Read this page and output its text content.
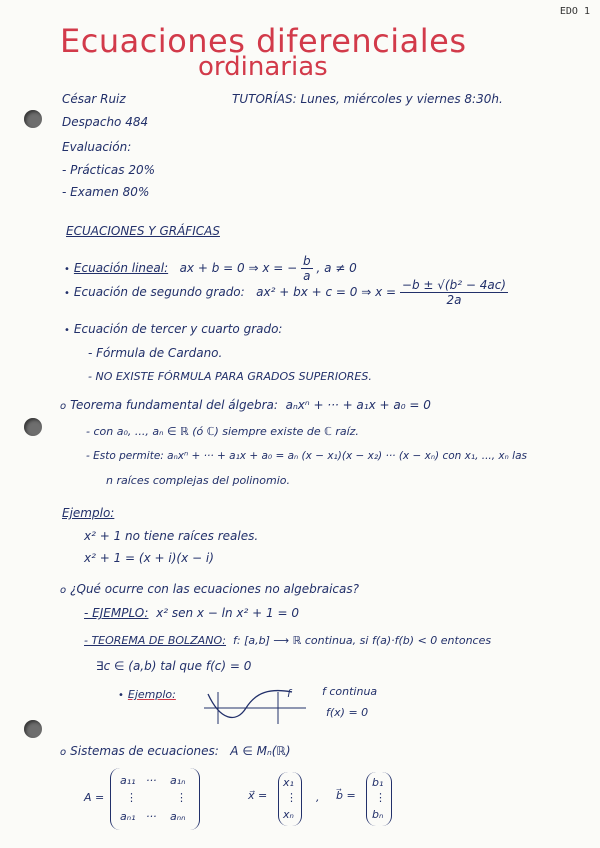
EDO 1
Ecuaciones diferenciales
ordinarias
César Ruiz	TUTORÍAS: Lunes, miércoles y viernes 8:30h.
Despacho 484
Evaluación:
- Prácticas 20%
- Examen 80%
ECUACIONES Y GRÁFICAS
• Ecuación lineal: ax + b = 0 ⇒ x = − $\frac{b}{a}$ , a ≠ 0
• Ecuación de segundo grado: ax² + bx + c = 0 ⇒ $x = \frac{\text{−b ± √(b² − 4ac)}}{2a}$
• Ecuación de tercer y cuarto grado:
- Fórmula de Cardano.
- NO EXISTE FÓRMULA PARA GRADOS SUPERIORES.
o Teorema fundamental del álgebra: aₙxⁿ + ··· + a₁x + a₀ = 0
- con a₀, ..., aₙ ∈ ℝ (ó ℂ) siempre existe de ℂ raíz.
- Esto permite: aₙxⁿ + ··· + a₁x + a₀ = aₙ (x − x₁)(x − x₂) ··· (x − xₙ) con x₁, ..., xₙ las
n raíces complejas del polinomio.
Ejemplo:
x² + 1 no tiene raíces reales.
x² + 1 = (x + i)(x − i)
o ¿Qué ocurre con las ecuaciones no algebraicas?
- EJEMPLO: x² sen x − ln x² + 1 = 0
- TEOREMA DE BOLZANO: f: [a,b] ⟶ ℝ continua, si f(a)·f(b) < 0 entonces
∃c ∈ (a,b) tal que f(c) = 0
• Ejemplo:	f	f continua
f(x) = 0
o Sistemas de ecuaciones: A ∈ Mₙ(ℝ)
A =
a₁₁ ··· a₁ₙ
⋮	⋮
aₙ₁ ··· aₙₙ
x⃗ =
x₁
⋮
xₙ
, b⃗ =
b₁
⋮
bₙ
